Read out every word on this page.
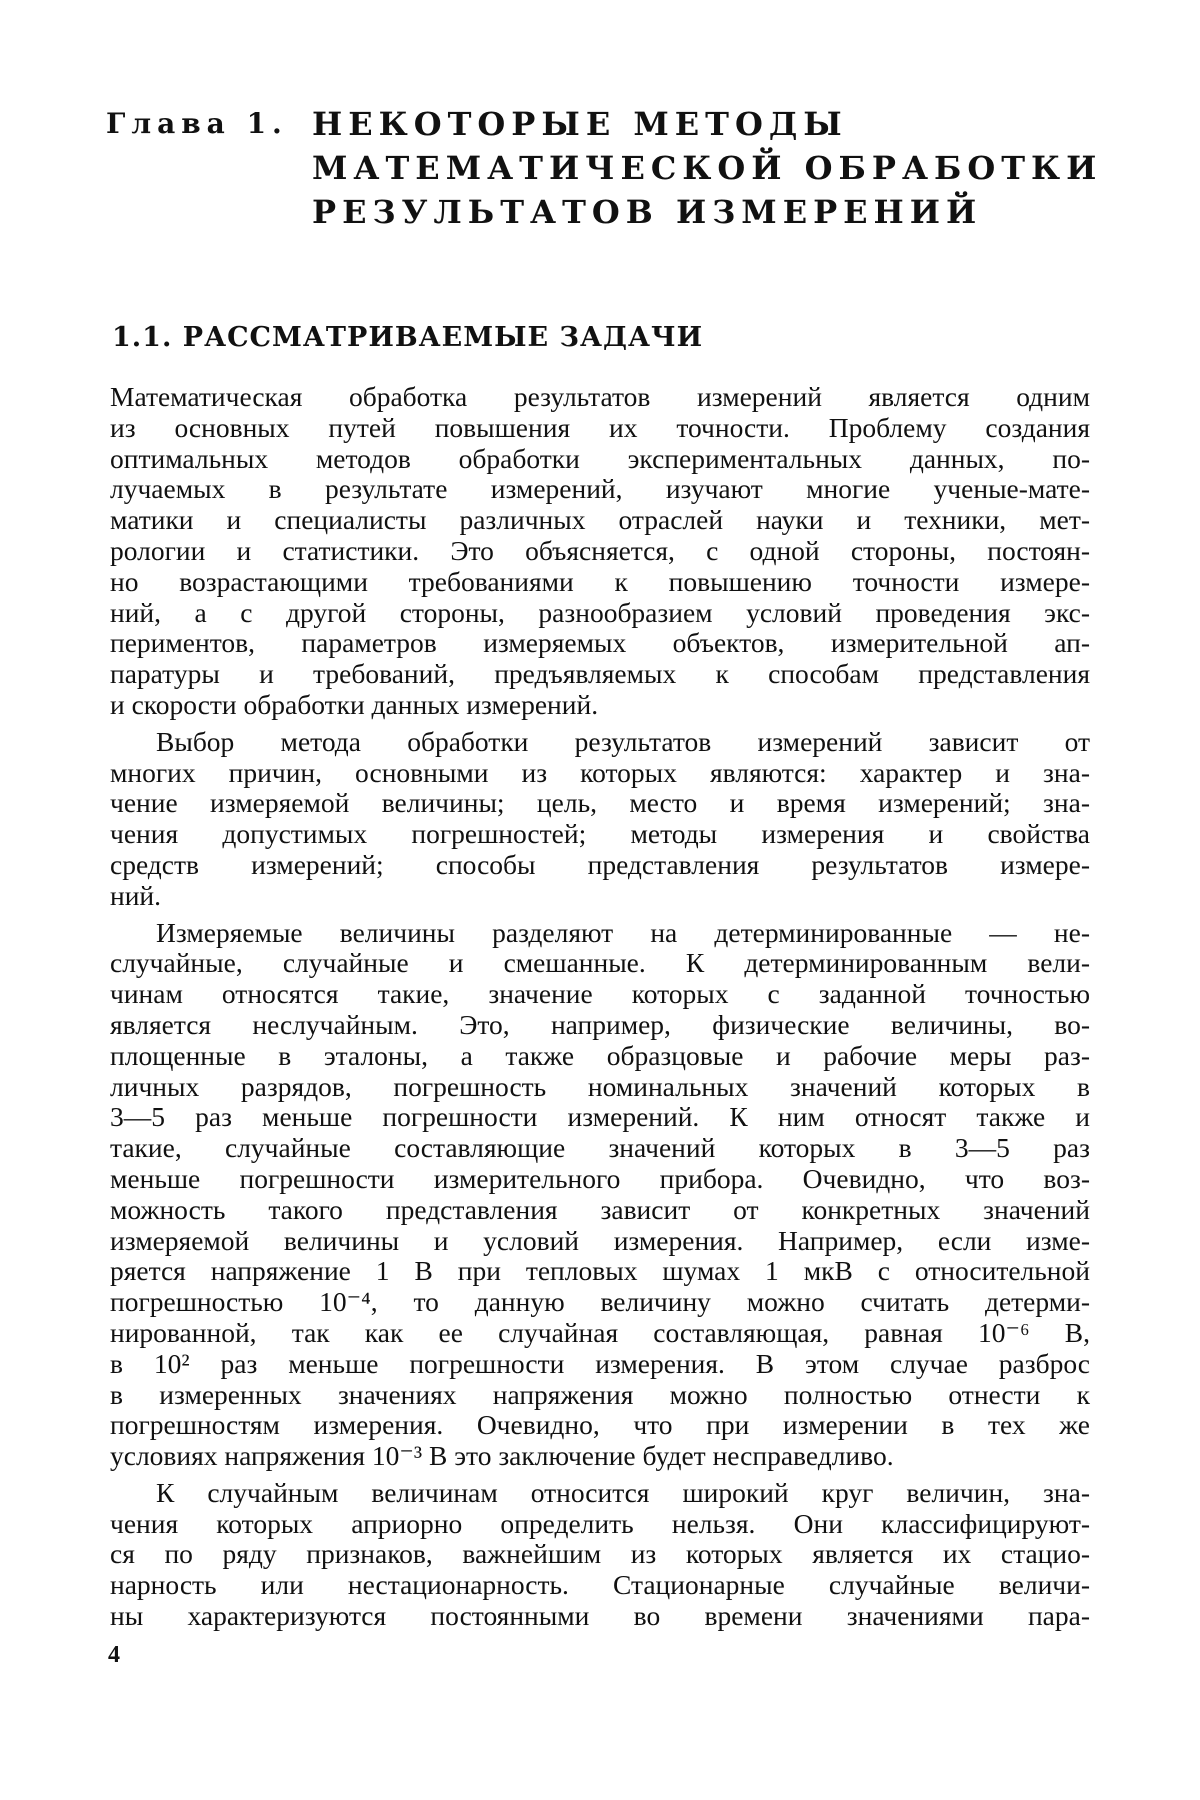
Глава 1. НЕКОТОРЫЕ МЕТОДЫ
МАТЕМАТИЧЕСКОЙ ОБРАБОТКИ
РЕЗУЛЬТАТОВ ИЗМЕРЕНИЙ
1.1. РАССМАТРИВАЕМЫЕ ЗАДАЧИ
Математическая обработка результатов измерений является одним
из основных путей повышения их точности. Проблему создания
оптимальных методов обработки экспериментальных данных, по-
лучаемых в результате измерений, изучают многие ученые-мате-
матики и специалисты различных отраслей науки и техники, мет-
рологии и статистики. Это объясняется, с одной стороны, постоян-
но возрастающими требованиями к повышению точности измере-
ний, а с другой стороны, разнообразием условий проведения экс-
периментов, параметров измеряемых объектов, измерительной ап-
паратуры и требований, предъявляемых к способам представления
и скорости обработки данных измерений.
Выбор метода обработки результатов измерений зависит от
многих причин, основными из которых являются: характер и зна-
чение измеряемой величины; цель, место и время измерений; зна-
чения допустимых погрешностей; методы измерения и свойства
средств измерений; способы представления результатов измере-
ний.
Измеряемые величины разделяют на детерминированные — не-
случайные, случайные и смешанные. К детерминированным вели-
чинам относятся такие, значение которых с заданной точностью
является неслучайным. Это, например, физические величины, во-
площенные в эталоны, а также образцовые и рабочие меры раз-
личных разрядов, погрешность номинальных значений которых в
3—5 раз меньше погрешности измерений. К ним относят также и
такие, случайные составляющие значений которых в 3—5 раз
меньше погрешности измерительного прибора. Очевидно, что воз-
можность такого представления зависит от конкретных значений
измеряемой величины и условий измерения. Например, если изме-
ряется напряжение 1 В при тепловых шумах 1 мкВ с относительной
погрешностью 10⁻⁴, то данную величину можно считать детерми-
нированной, так как ее случайная составляющая, равная 10⁻⁶ В,
в 10² раз меньше погрешности измерения. В этом случае разброс
в измеренных значениях напряжения можно полностью отнести к
погрешностям измерения. Очевидно, что при измерении в тех же
условиях напряжения 10⁻³ В это заключение будет несправедливо.
К случайным величинам относится широкий круг величин, зна-
чения которых априорно определить нельзя. Они классифицируют-
ся по ряду признаков, важнейшим из которых является их стацио-
нарность или нестационарность. Стационарные случайные величи-
ны характеризуются постоянными во времени значениями пара-
4
